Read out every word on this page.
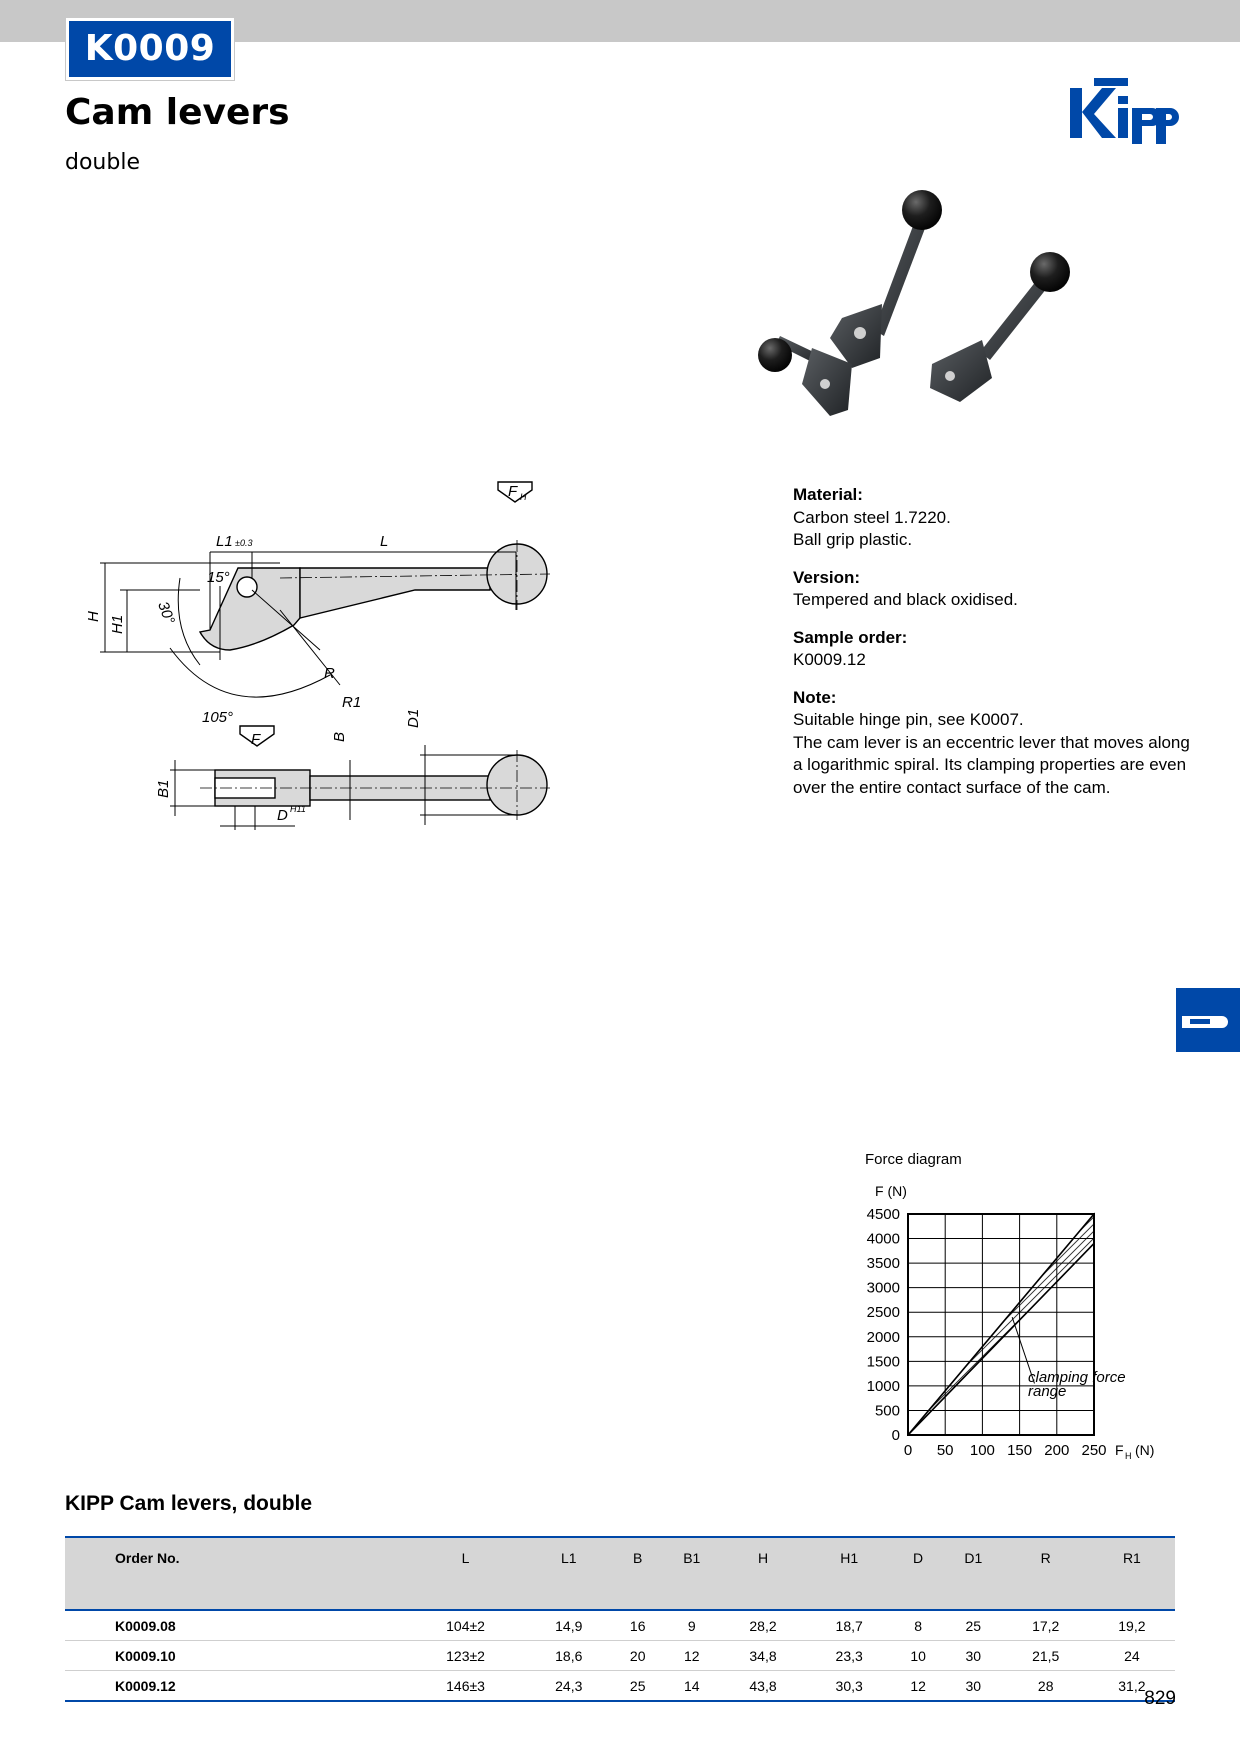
K0009
Cam levers
double
L1 ±0.3	L
15°
105°
R
R1
F H
F
D H11
H H1 30°
B1
B
D1
Material:
Carbon steel 1.7220.
Ball grip plastic.
Version:
Tempered and black oxidised.
Sample order:
K0009.12
Note:
Suitable hinge pin, see K0007.
The cam lever is an eccentric lever that moves along
a logarithmic spiral. Its clamping properties are even
over the entire contact surface of the cam.
Force diagram
F (N)
0 50 100 150 200 250
0
500
1000
1500
2000
2500
3000
3500
4000
4500
clamping force
range
F H (N)
KIPP Cam levers, double
Order No.	L	L1	B	B1	H	H1	D	D1	R	R1
K0009.08	104±2	14,9	16	9	28,2	18,7	8	25	17,2	19,2
K0009.10	123±2	18,6	20	12	34,8	23,3	10	30	21,5	24
K0009.12	146±3	24,3	25	14	43,8	30,3	12	30	28	31,2
829
